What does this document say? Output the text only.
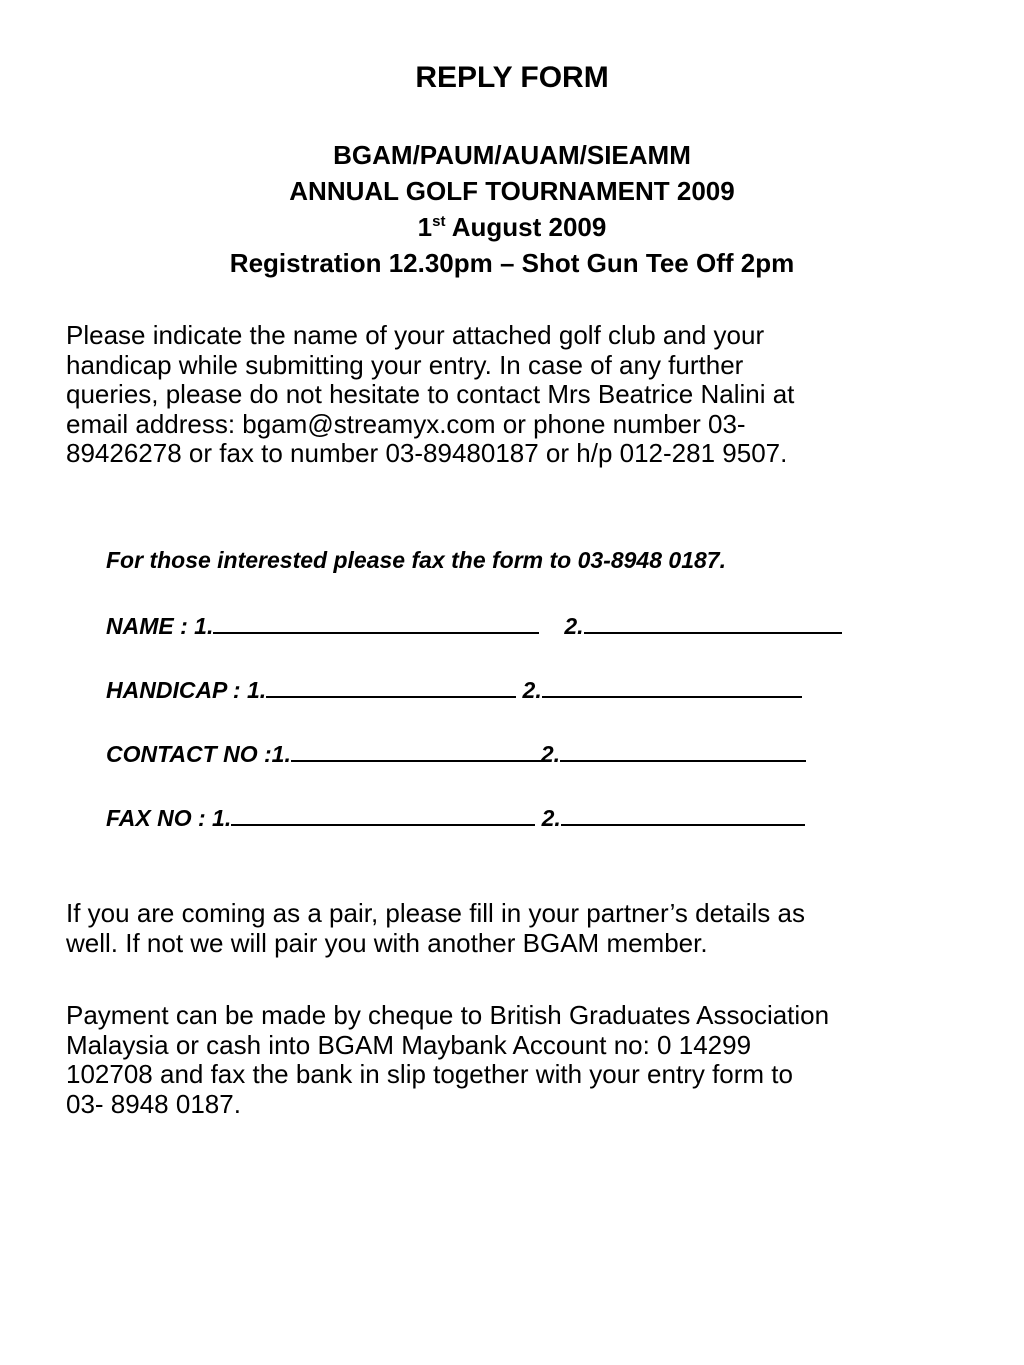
REPLY FORM
BGAM/PAUM/AUAM/SIEAMM
ANNUAL GOLF TOURNAMENT 2009
1st August 2009
Registration 12.30pm – Shot Gun Tee Off 2pm
Please indicate the name of your attached golf club and your
handicap while submitting your entry. In case of any further
queries, please do not hesitate to contact Mrs Beatrice Nalini at
email address: bgam@streamyx.com or phone number 03-
89426278 or fax to number 03-89480187 or h/p 012-281 9507.
For those interested please fax the form to 03-8948 0187.
NAME : 1.	2.
HANDICAP : 1.	2.
CONTACT NO :1.	2.
FAX NO : 1.	2.
If you are coming as a pair, please fill in your partner’s details as
well. If not we will pair you with another BGAM member.
Payment can be made by cheque to British Graduates Association
Malaysia or cash into BGAM Maybank Account no: 0 14299
102708 and fax the bank in slip together with your entry form to
03- 8948 0187.
